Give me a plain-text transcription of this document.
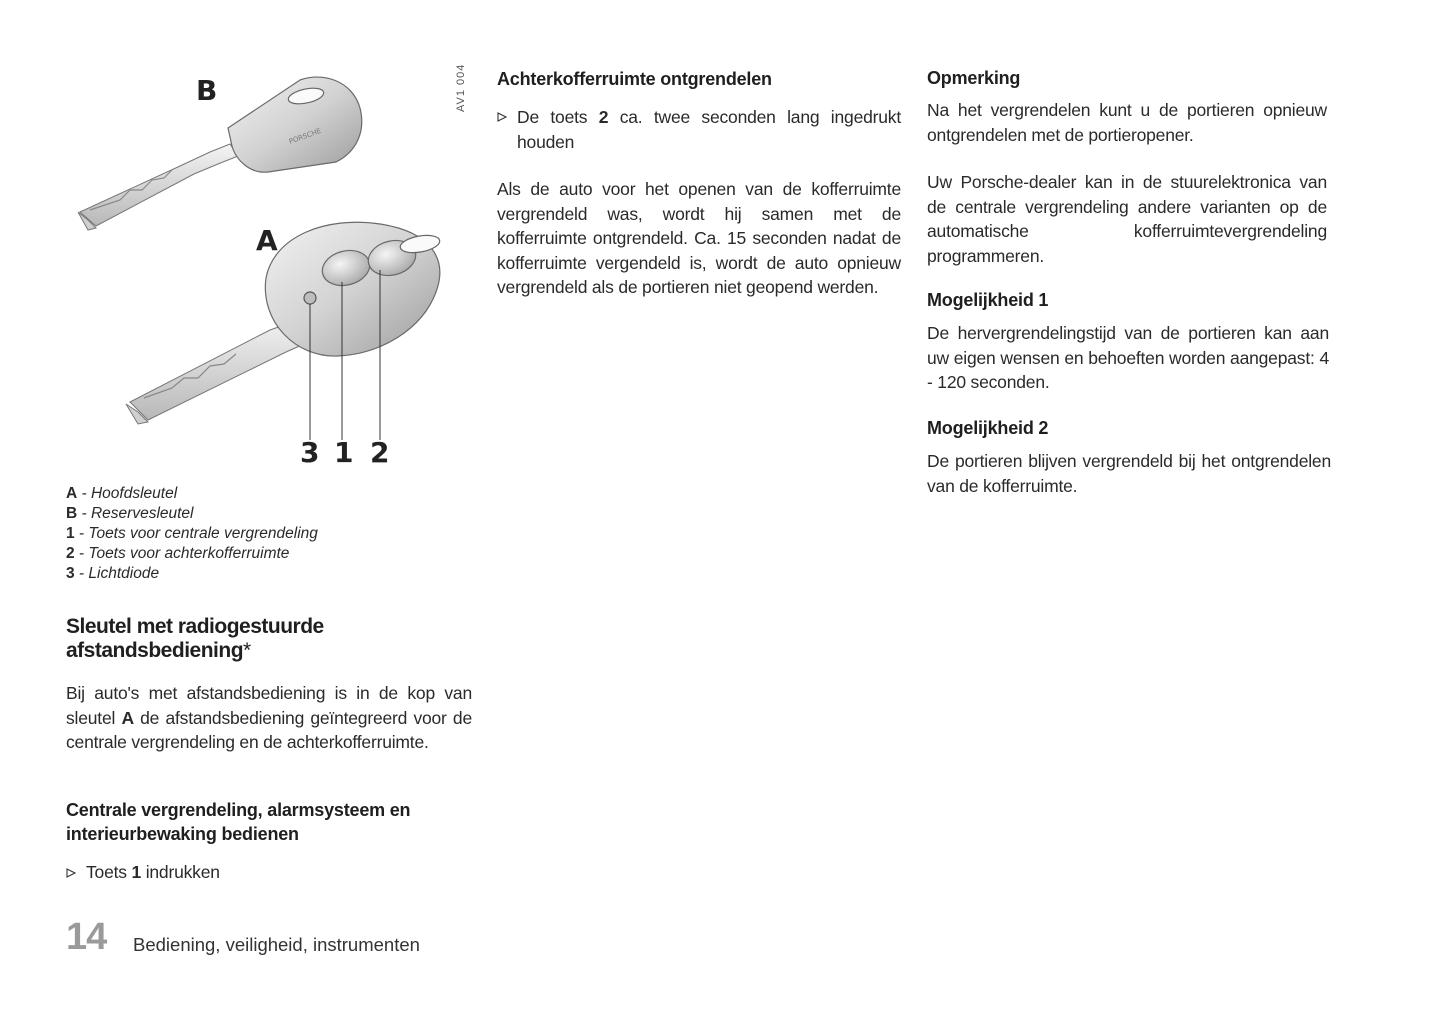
PORSCHE
B
A
3 1 2
AV1 004
A - Hoofdsleutel
B - Reservesleutel
1 - Toets voor centrale vergrendeling
2 - Toets voor achterkofferruimte
3 - Lichtdiode
Sleutel met radiogestuurde
afstandsbediening*

Bij auto's met afstandsbediening is in de kop van sleutel A de afstandsbediening geïntegreerd voor de centrale vergrendeling en de achterkofferruimte.

Centrale vergrendeling, alarmsysteem en interieurbewaking bedienen
Toets 1 indrukken
Achterkofferruimte ontgrendelen

De toets 2 ca. twee seconden lang ingedrukt houden

Als de auto voor het openen van de kofferruimte vergrendeld was, wordt hij samen met de kofferruimte ontgrendeld. Ca. 15 seconden nadat de kofferruimte vergendeld is, wordt de auto opnieuw vergrendeld als de portieren niet geopend werden.

Opmerking

Na het vergrendelen kunt u de portieren opnieuw ontgrendelen met de portieropener.

Uw Porsche-dealer kan in de stuurelektronica van de centrale vergrendeling andere varianten op de automatische kofferruimtevergrendeling programmeren.

Mogelijkheid 1

De hervergrendelingstijd van de portieren kan aan uw eigen wensen en behoeften worden aangepast: 4 - 120 seconden.

Mogelijkheid 2

De portieren blijven vergrendeld bij het ontgrendelen van de kofferruimte.

14 Bediening, veiligheid, instrumenten
